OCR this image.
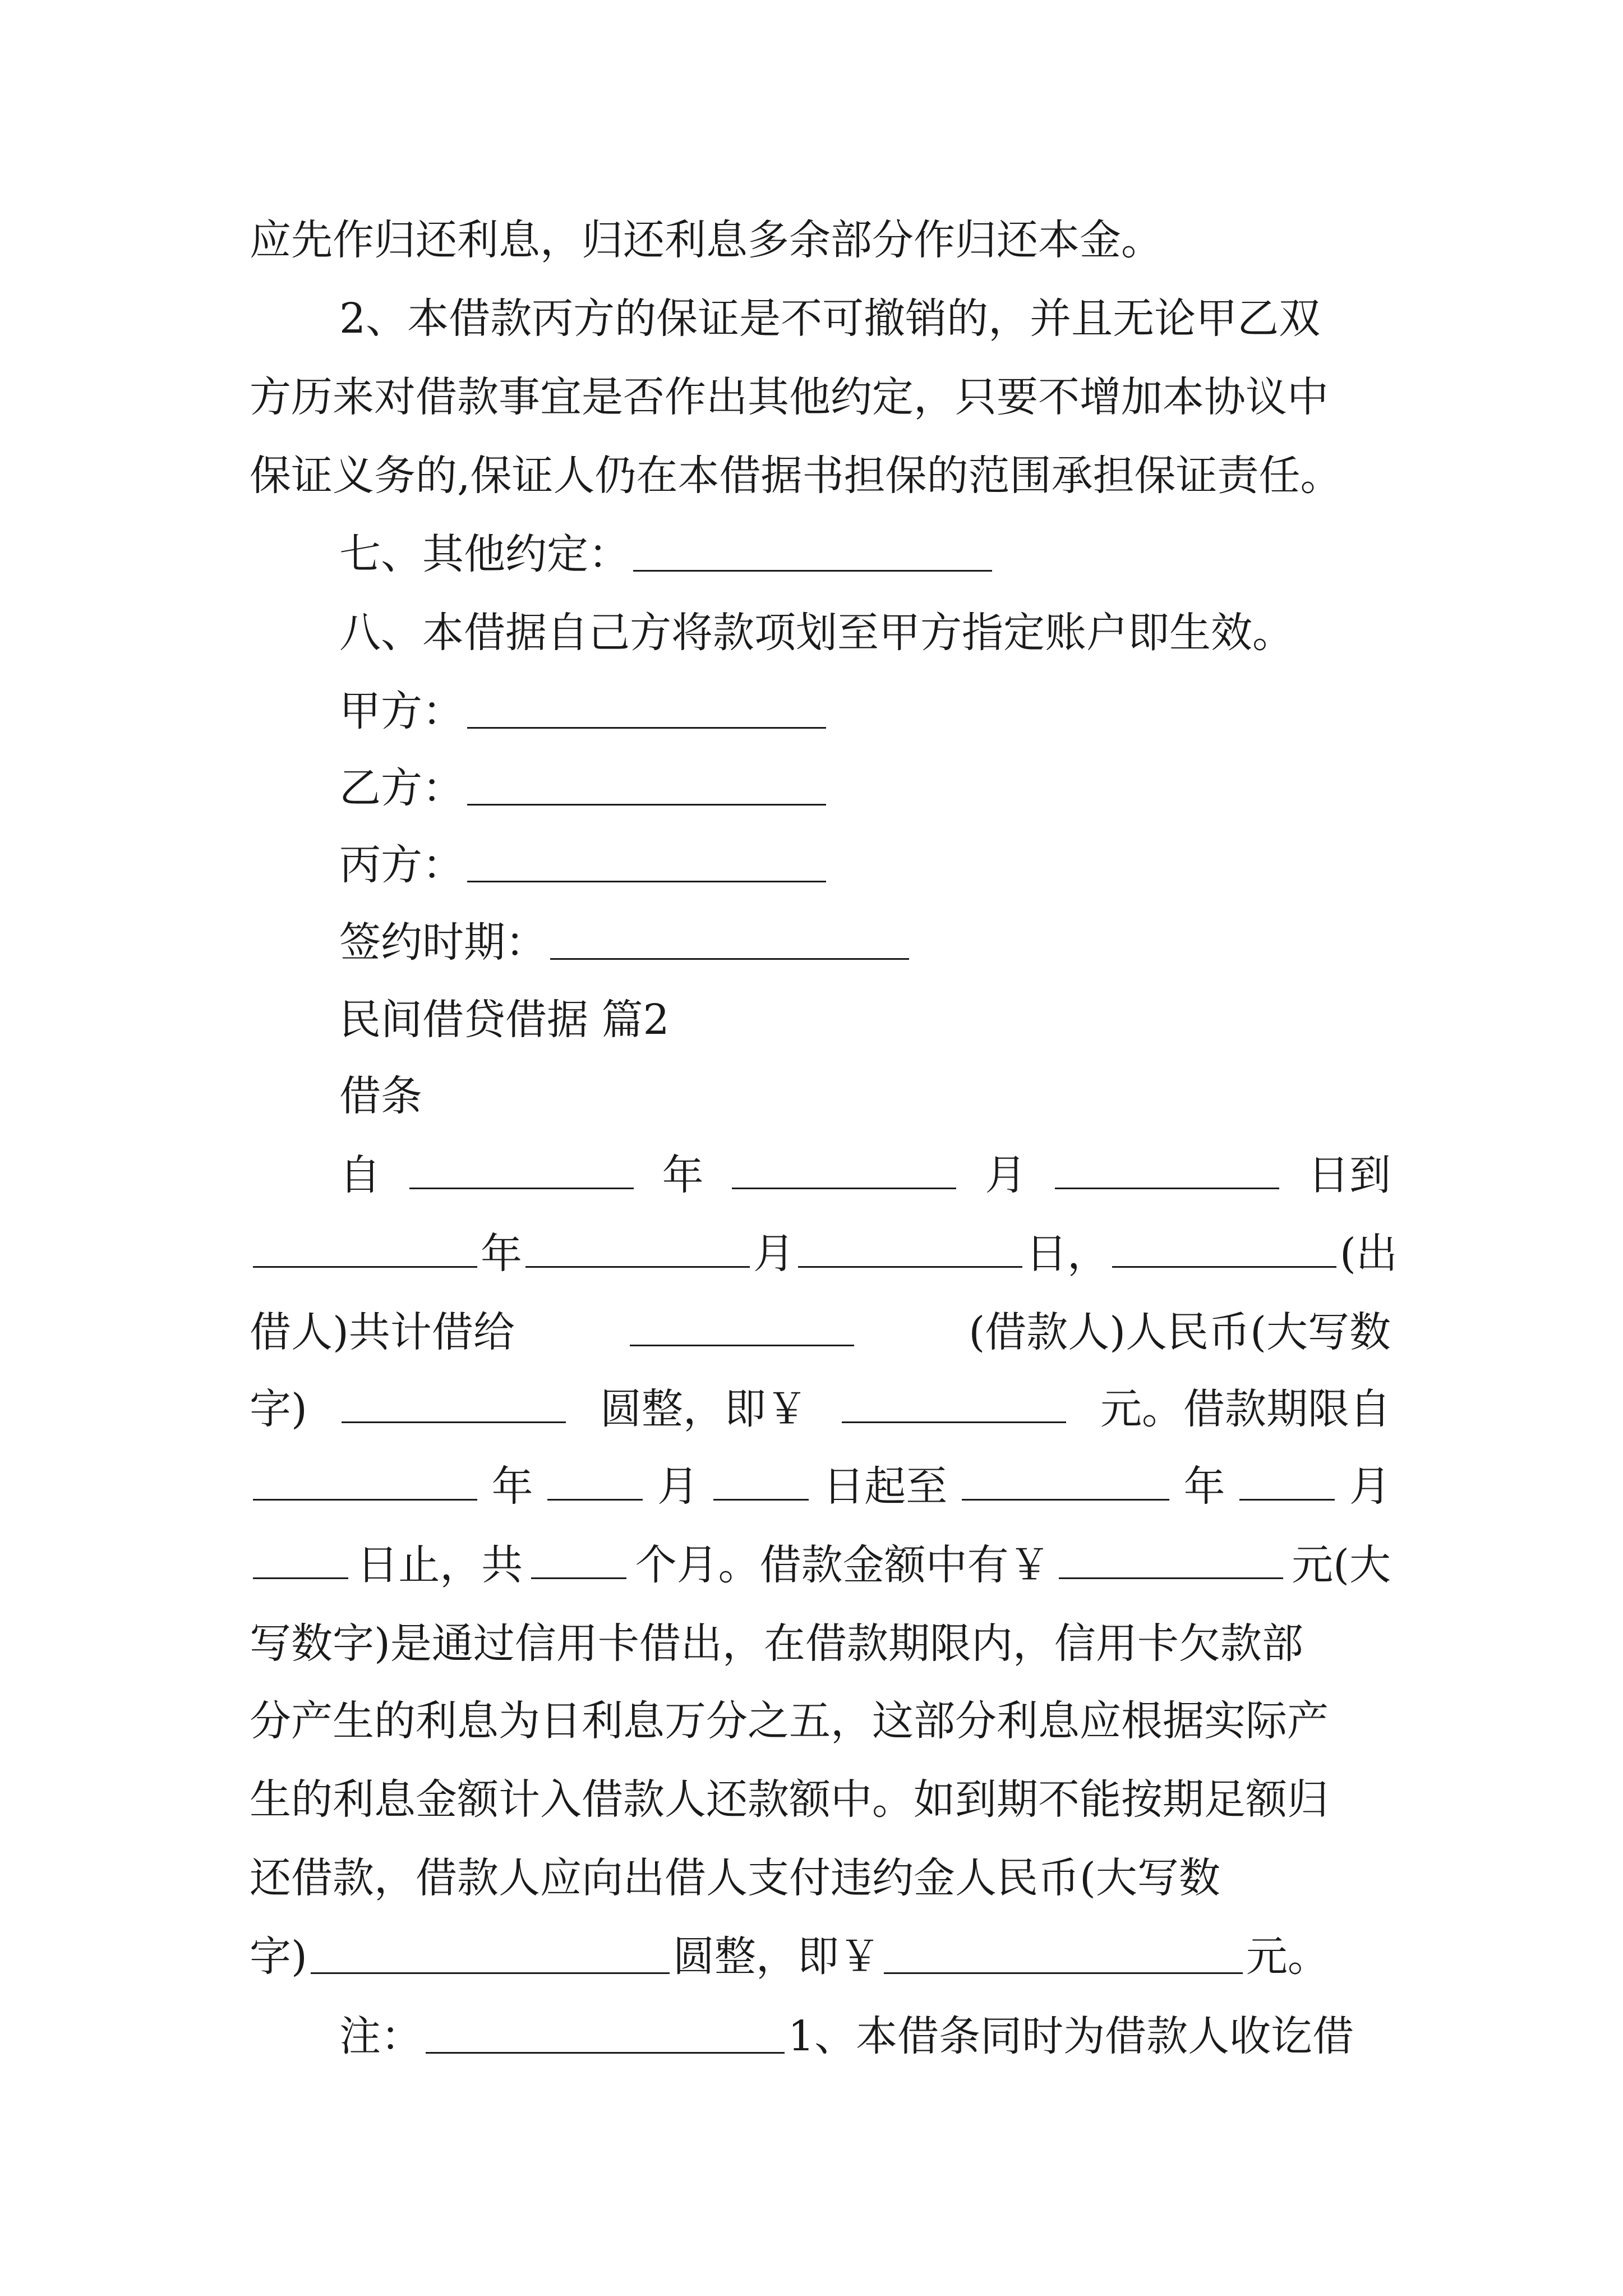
应先作归还利息，归还利息多余部分作归还本金。
2、本借款丙方的保证是不可撤销的，并且无论甲乙双
方历来对借款事宜是否作出其他约定，只要不增加本协议中
保证义务的,保证人仍在本借据书担保的范围承担保证责任。
七、其他约定：
八、本借据自己方将款项划至甲方指定账户即生效。
甲方：
乙方：
丙方：
签约时期：
民间借贷借据 篇2
借条
自	年	月	日到
年	月	日，	(出
借人)共计借给	(借款人)人民币(大写数
字)	圆整，即￥	元。借款期限自
年	月	日起至	年	月
日止，共	个月。借款金额中有￥	元(大
写数字)是通过信用卡借出，在借款期限内，信用卡欠款部
分产生的利息为日利息万分之五，这部分利息应根据实际产
生的利息金额计入借款人还款额中。如到期不能按期足额归
还借款，借款人应向出借人支付违约金人民币(大写数
字)	圆整，即￥	元。
注：	1、本借条同时为借款人收讫借
